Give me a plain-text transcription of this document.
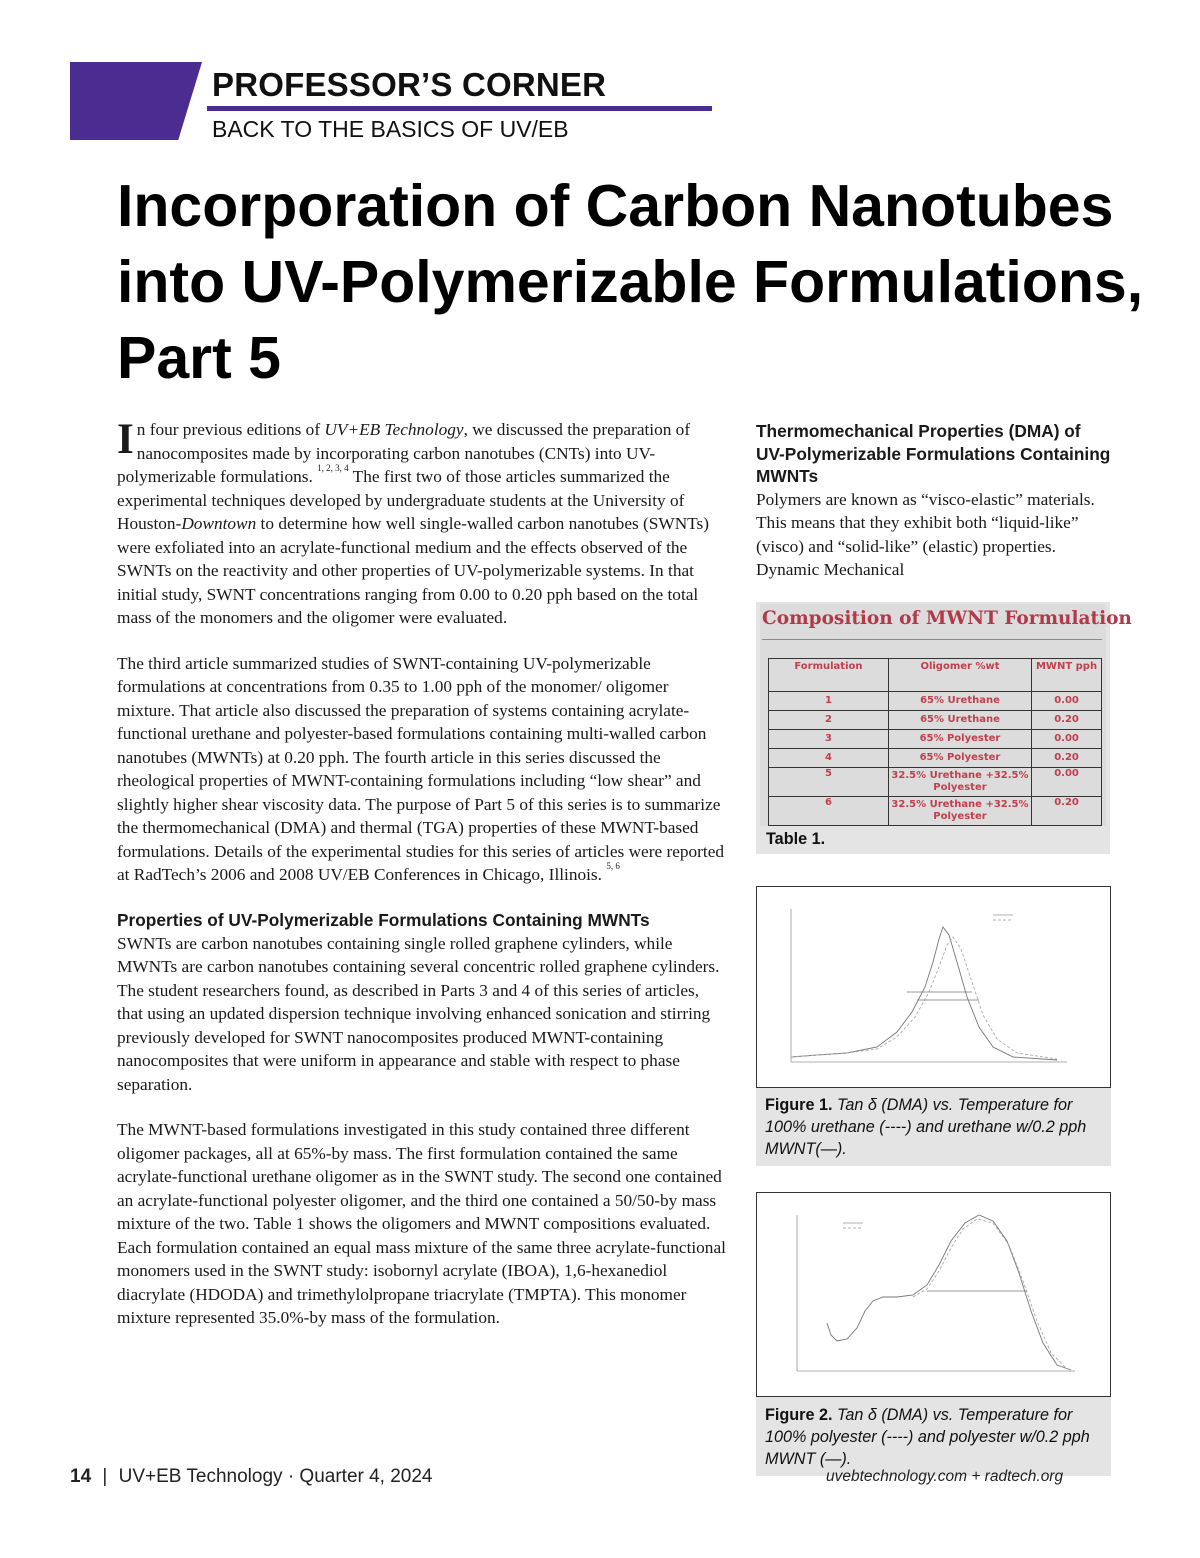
PROFESSOR’S CORNER
BACK TO THE BASICS OF UV/EB
Incorporation of Carbon Nanotubes into UV-Polymerizable Formulations, Part 5

In four previous editions of UV+EB Technology, we discussed the preparation of nanocomposites made by incorporating carbon nanotubes (CNTs) into UV-polymerizable formulations. $^{1, 2, 3, 4}$ The first two of those articles summarized the experimental techniques developed by undergraduate students at the University of Houston-Downtown to determine how well single-walled carbon nanotubes (SWNTs) were exfoliated into an acrylate-functional medium and the effects observed of the SWNTs on the reactivity and other properties of UV-polymerizable systems. In that initial study, SWNT concentrations ranging from 0.00 to 0.20 pph based on the total mass of the monomers and the oligomer were evaluated.

The third article summarized studies of SWNT-containing UV-polymerizable formulations at concentrations from 0.35 to 1.00 pph of the monomer/ oligomer mixture. That article also discussed the preparation of systems containing acrylate-functional urethane and polyester-based formulations containing multi-walled carbon nanotubes (MWNTs) at 0.20 pph. The fourth article in this series discussed the rheological properties of MWNT-containing formulations including “low shear” and slightly higher shear viscosity data. The purpose of Part 5 of this series is to summarize the thermomechanical (DMA) and thermal (TGA) properties of these MWNT-based formulations. Details of the experimental studies for this series of articles were reported at RadTech’s 2006 and 2008 UV/EB Conferences in Chicago, Illinois. $^{5, 6}$

Properties of UV-Polymerizable Formulations Containing MWNTs
SWNTs are carbon nanotubes containing single rolled graphene cylinders, while MWNTs are carbon nanotubes containing several concentric rolled graphene cylinders. The student researchers found, as described in Parts 3 and 4 of this series of articles, that using an updated dispersion technique involving enhanced sonication and stirring previously developed for SWNT nanocomposites produced MWNT-containing nanocomposites that were uniform in appearance and stable with respect to phase separation.

The MWNT-based formulations investigated in this study contained three different oligomer packages, all at 65%-by mass. The first formulation contained the same acrylate-functional urethane oligomer as in the SWNT study. The second one contained an acrylate-functional polyester oligomer, and the third one contained a 50/50-by mass mixture of the two. Table 1 shows the oligomers and MWNT compositions evaluated. Each formulation contained an equal mass mixture of the same three acrylate-functional monomers used in the SWNT study: isobornyl acrylate (IBOA), 1,6-hexanediol diacrylate (HDODA) and trimethylolpropane triacrylate (TMPTA). This monomer mixture represented 35.0%-by mass of the formulation.

Thermomechanical Properties (DMA) of UV-Polymerizable Formulations Containing MWNTs
Polymers are known as “visco-elastic” materials. This means that they exhibit both “liquid-like” (visco) and “solid-like” (elastic) properties. Dynamic Mechanical
Composition of MWNT Formulation
Formulation	Oligomer %wt	MWNT pph
1	65% Urethane	0.00
2	65% Urethane	0.20
3	65% Polyester	0.00
4	65% Polyester	0.20
5	32.5% Urethane +32.5% Polyester	0.00
6	32.5% Urethane +32.5% Polyester	0.20
Table 1.
Figure 1. Tan δ (DMA) vs. Temperature for 100% urethane (----) and urethane w/0.2 pph MWNT(—).
Figure 2. Tan δ (DMA) vs. Temperature for 100% polyester (----) and polyester w/0.2 pph MWNT (—).
14 | UV+EB Technology · Quarter 4, 2024	uvebtechnology.com + radtech.org
